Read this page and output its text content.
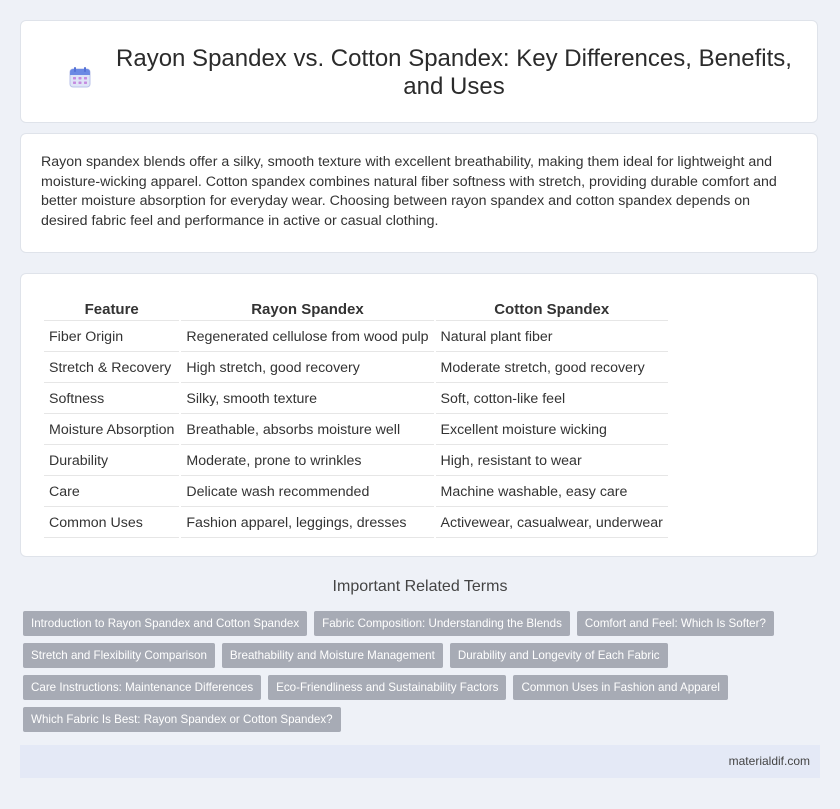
Rayon Spandex vs. Cotton Spandex: Key Differences, Benefits, and Uses

Rayon spandex blends offer a silky, smooth texture with excellent breathability, making them ideal for lightweight and moisture-wicking apparel. Cotton spandex combines natural fiber softness with stretch, providing durable comfort and better moisture absorption for everyday wear. Choosing between rayon spandex and cotton spandex depends on desired fabric feel and performance in active or casual clothing.

Feature	Rayon Spandex	Cotton Spandex
Fiber Origin	Regenerated cellulose from wood pulp	Natural plant fiber
Stretch & Recovery	High stretch, good recovery	Moderate stretch, good recovery
Softness	Silky, smooth texture	Soft, cotton-like feel
Moisture Absorption	Breathable, absorbs moisture well	Excellent moisture wicking
Durability	Moderate, prone to wrinkles	High, resistant to wear
Care	Delicate wash recommended	Machine washable, easy care
Common Uses	Fashion apparel, leggings, dresses	Activewear, casualwear, underwear
Important Related Terms
Introduction to Rayon Spandex and Cotton Spandex	Fabric Composition: Understanding the Blends	Comfort and Feel: Which Is Softer?
Stretch and Flexibility Comparison	Breathability and Moisture Management	Durability and Longevity of Each Fabric
Care Instructions: Maintenance Differences	Eco-Friendliness and Sustainability Factors	Common Uses in Fashion and Apparel
Which Fabric Is Best: Rayon Spandex or Cotton Spandex?
materialdif.com
